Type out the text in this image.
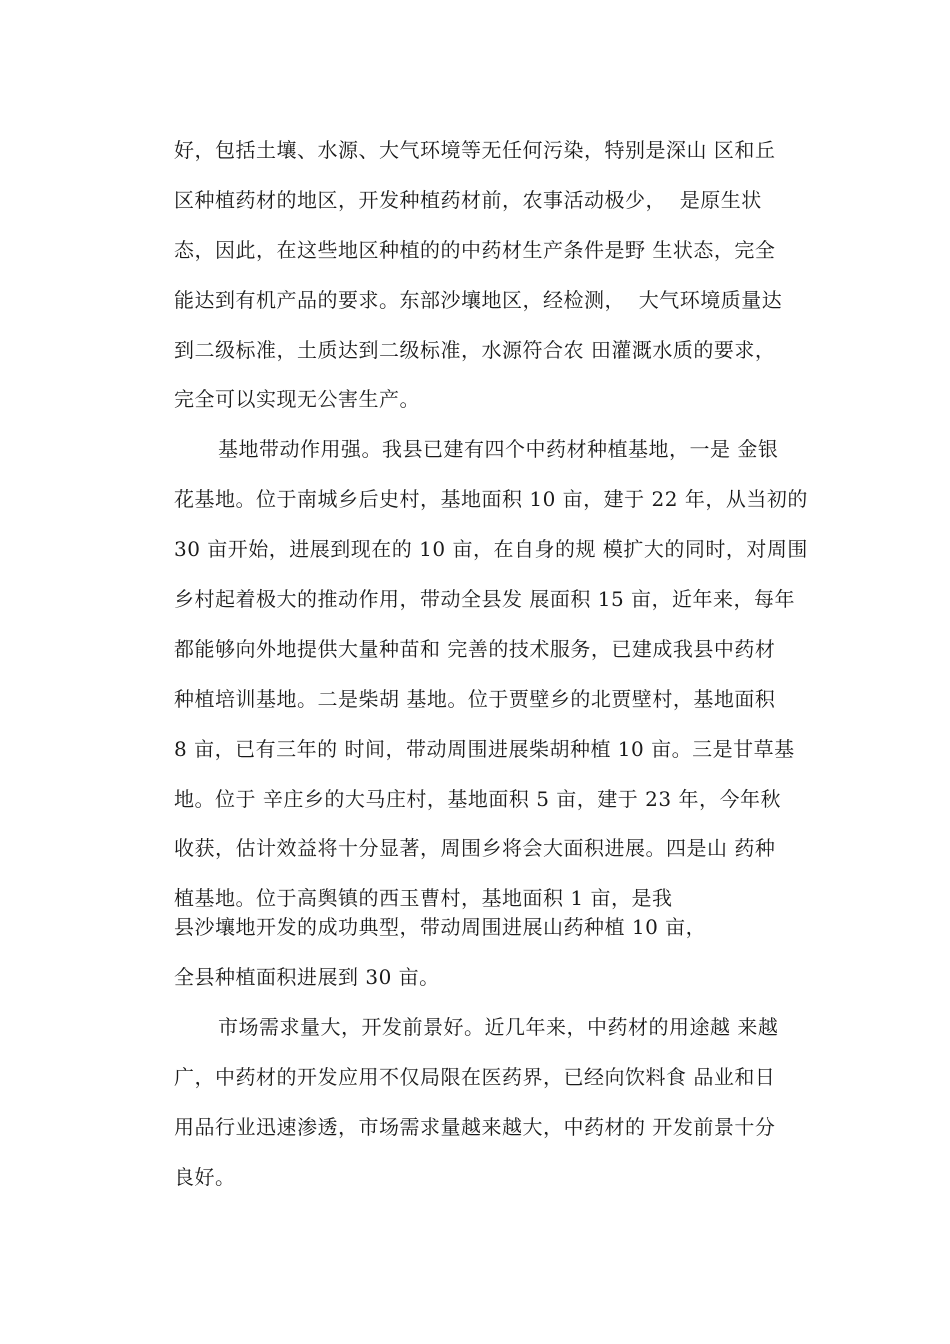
好，包括土壤、水源、大气环境等无任何污染，特别是深山 区和丘
区种植药材的地区，开发种植药材前，农事活动极少，  是原生状
态，因此，在这些地区种植的的中药材生产条件是野 生状态，完全
能达到有机产品的要求。东部沙壤地区，经检测，  大气环境质量达
到二级标准，土质达到二级标准，水源符合农 田灌溉水质的要求，
完全可以实现无公害生产。
基地带动作用强。我县已建有四个中药材种植基地，一是 金银
花基地。位于南城乡后史村，基地面积 10 亩，建于 22 年，从当初的
30 亩开始，进展到现在的 10 亩，在自身的规 模扩大的同时，对周围
乡村起着极大的推动作用，带动全县发 展面积 15 亩，近年来，每年
都能够向外地提供大量种苗和 完善的技术服务，已建成我县中药材
种植培训基地。二是柴胡 基地。位于贾壁乡的北贾壁村，基地面积
8 亩，已有三年的 时间，带动周围进展柴胡种植 10 亩。三是甘草基
地。位于 辛庄乡的大马庄村，基地面积 5 亩，建于 23 年，今年秋
收获，估计效益将十分显著，周围乡将会大面积进展。四是山 药种
植基地。位于高舆镇的西玉曹村，基地面积 1 亩，是我
县沙壤地开发的成功典型，带动周围进展山药种植 10 亩，
全县种植面积进展到 30 亩。
市场需求量大，开发前景好。近几年来，中药材的用途越 来越
广，中药材的开发应用不仅局限在医药界，已经向饮料食 品业和日
用品行业迅速渗透，市场需求量越来越大，中药材的 开发前景十分
良好。
